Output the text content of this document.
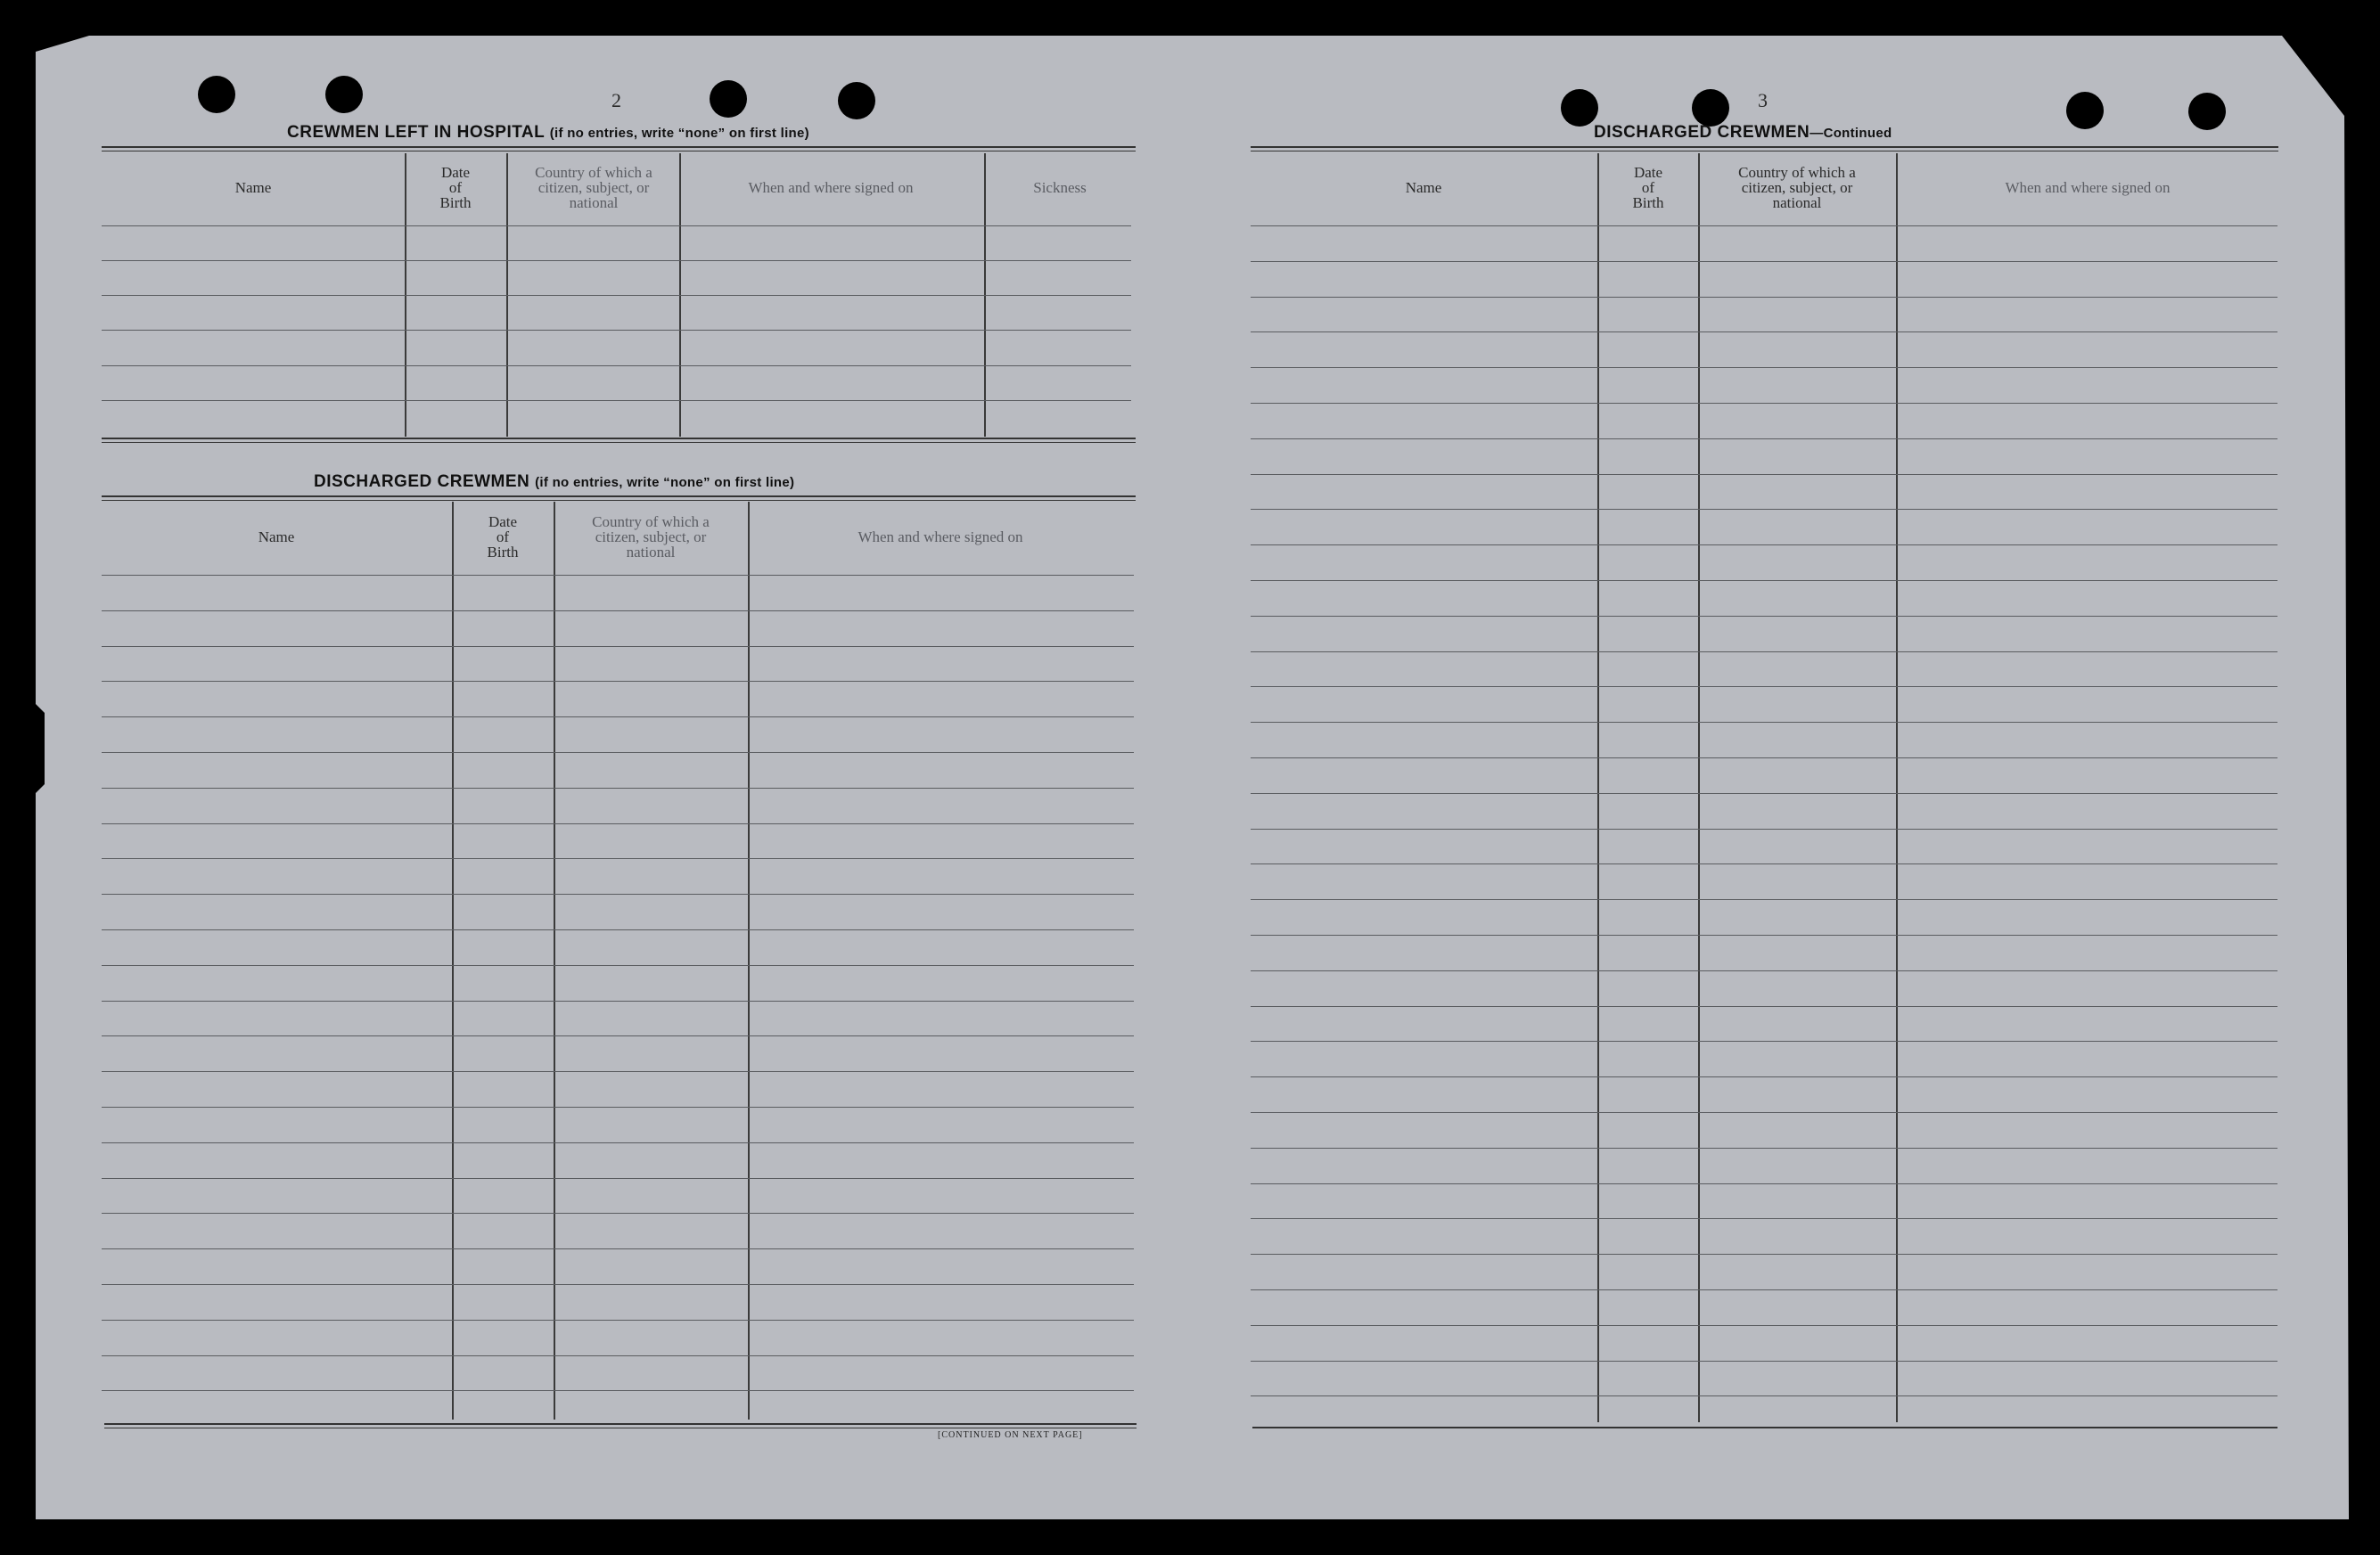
2
CREWMEN LEFT IN HOSPITAL (if no entries, write “none” on first line)
Name
Date
of
Birth
Country of which a
citizen, subject, or
national
When and where signed on	Sickness
DISCHARGED CREWMEN (if no entries, write “none” on first line)
Name
Date
of
Birth
Country of which a
citizen, subject, or
national
When and where signed on
[CONTINUED ON NEXT PAGE]
3
DISCHARGED CREWMEN—Continued
Name
Date
of
Birth
Country of which a
citizen, subject, or
national
When and where signed on
